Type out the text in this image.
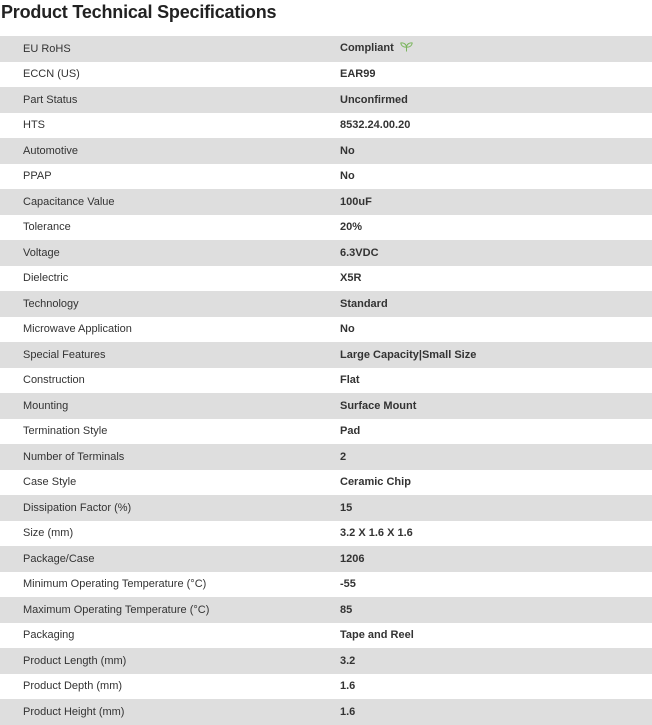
Product Technical Specifications
EU RoHS	Compliant
ECCN (US)	EAR99
Part Status	Unconfirmed
HTS	8532.24.00.20
Automotive	No
PPAP	No
Capacitance Value	100uF
Tolerance	20%
Voltage	6.3VDC
Dielectric	X5R
Technology	Standard
Microwave Application	No
Special Features	Large Capacity|Small Size
Construction	Flat
Mounting	Surface Mount
Termination Style	Pad
Number of Terminals	2
Case Style	Ceramic Chip
Dissipation Factor (%)	15
Size (mm)	3.2 X 1.6 X 1.6
Package/Case	1206
Minimum Operating Temperature (°C)	-55
Maximum Operating Temperature (°C)	85
Packaging	Tape and Reel
Product Length (mm)	3.2
Product Depth (mm)	1.6
Product Height (mm)	1.6
